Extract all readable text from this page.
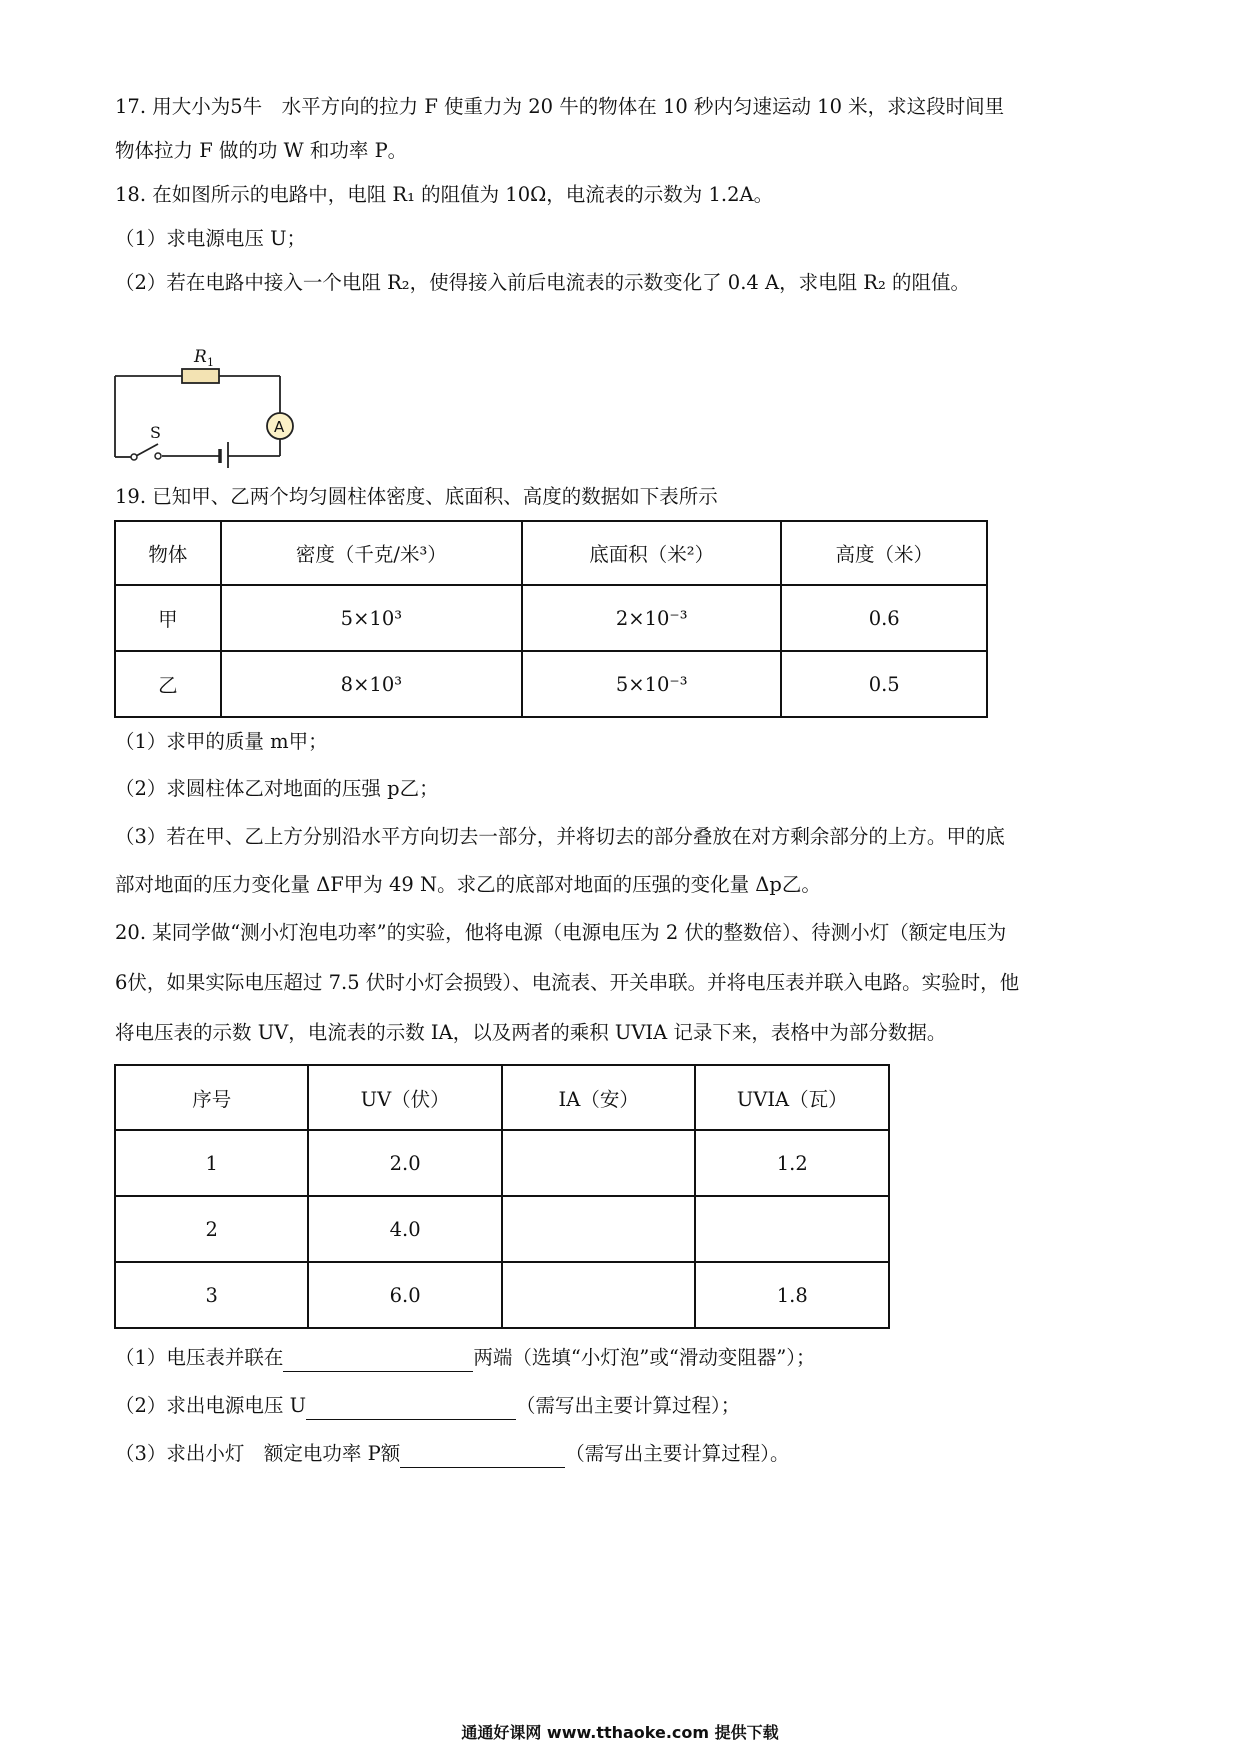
17. 用大小为5牛　水平方向的拉力 F 使重力为 20 牛的物体在 10 秒内匀速运动 10 米，求这段时间里
物体拉力 F 做的功 W 和功率 P。
18. 在如图所示的电路中，电阻 R₁ 的阻值为 10Ω，电流表的示数为 1.2A。
（1）求电源电压 U；
（2）若在电路中接入一个电阻 R₂，使得接入前后电流表的示数变化了 0.4 A，求电阻 R₂ 的阻值。
R 1
A
S
19. 已知甲、乙两个均匀圆柱体密度、底面积、高度的数据如下表所示
物体	密度（千克/米³）	底面积（米²）	高度（米）
甲	5×10³	2×10⁻³	0.6
乙	8×10³	5×10⁻³	0.5
（1）求甲的质量 m甲；
（2）求圆柱体乙对地面的压强 p乙；
（3）若在甲、乙上方分别沿水平方向切去一部分，并将切去的部分叠放在对方剩余部分的上方。甲的底
部对地面的压力变化量 ΔF甲为 49 N。求乙的底部对地面的压强的变化量 Δp乙。
20. 某同学做“测小灯泡电功率”的实验，他将电源（电源电压为 2 伏的整数倍）、待测小灯（额定电压为
6伏，如果实际电压超过 7.5 伏时小灯会损毁）、电流表、开关串联。并将电压表并联入电路。实验时，他
将电压表的示数 UV，电流表的示数 IA，以及两者的乘积 UVIA 记录下来，表格中为部分数据。
序号	UV（伏）	IA（安）	UVIA（瓦）
1	2.0		1.2
2	4.0		
3	6.0		1.8
（1）电压表并联在	两端（选填“小灯泡”或“滑动变阻器”）；
（2）求出电源电压 U	（需写出主要计算过程）；
（3）求出小灯　额定电功率 P额	（需写出主要计算过程）。
通通好课网 www.tthaoke.com 提供下载
